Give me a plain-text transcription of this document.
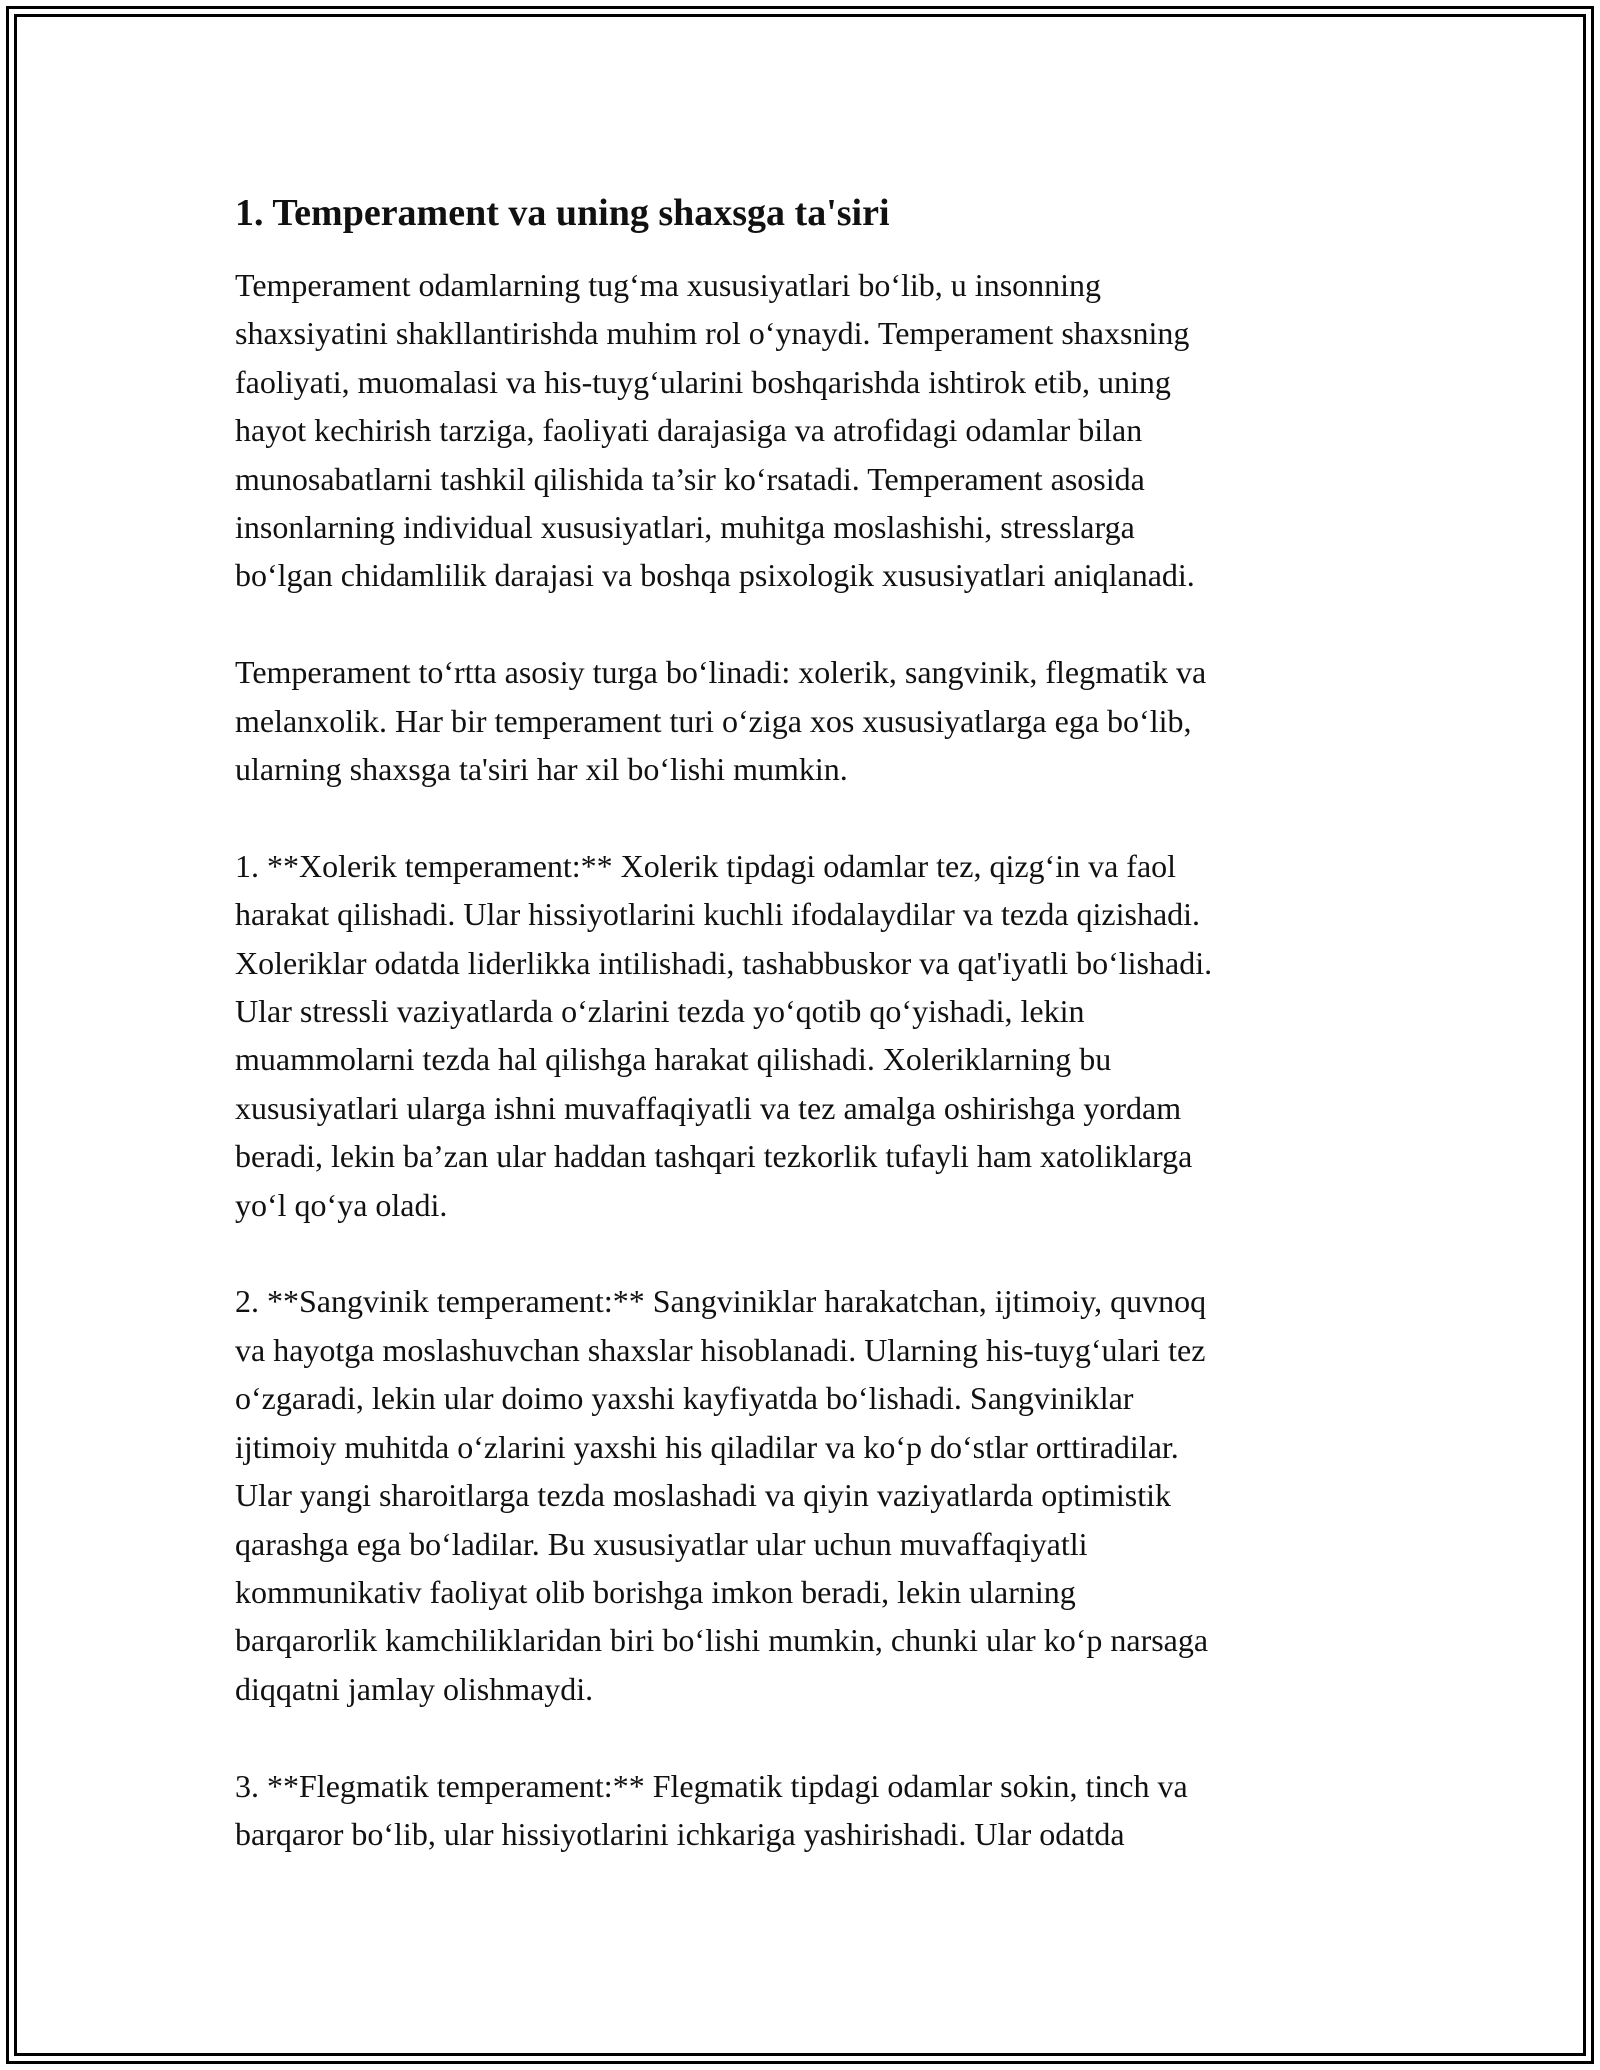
1. Temperament va uning shaxsga ta'siri
Temperament odamlarning tug‘ma xususiyatlari bo‘lib, u insonning
shaxsiyatini shakllantirishda muhim rol o‘ynaydi. Temperament shaxsning
faoliyati, muomalasi va his-tuyg‘ularini boshqarishda ishtirok etib, uning
hayot kechirish tarziga, faoliyati darajasiga va atrofidagi odamlar bilan
munosabatlarni tashkil qilishida ta’sir ko‘rsatadi. Temperament asosida
insonlarning individual xususiyatlari, muhitga moslashishi, stresslarga
bo‘lgan chidamlilik darajasi va boshqa psixologik xususiyatlari aniqlanadi.
Temperament to‘rtta asosiy turga bo‘linadi: xolerik, sangvinik, flegmatik va
melanxolik. Har bir temperament turi o‘ziga xos xususiyatlarga ega bo‘lib,
ularning shaxsga ta'siri har xil bo‘lishi mumkin.
1. **Xolerik temperament:** Xolerik tipdagi odamlar tez, qizg‘in va faol
harakat qilishadi. Ular hissiyotlarini kuchli ifodalaydilar va tezda qizishadi.
Xoleriklar odatda liderlikka intilishadi, tashabbuskor va qat'iyatli bo‘lishadi.
Ular stressli vaziyatlarda o‘zlarini tezda yo‘qotib qo‘yishadi, lekin
muammolarni tezda hal qilishga harakat qilishadi. Xoleriklarning bu
xususiyatlari ularga ishni muvaffaqiyatli va tez amalga oshirishga yordam
beradi, lekin ba’zan ular haddan tashqari tezkorlik tufayli ham xatoliklarga
yo‘l qo‘ya oladi.
2. **Sangvinik temperament:** Sangviniklar harakatchan, ijtimoiy, quvnoq
va hayotga moslashuvchan shaxslar hisoblanadi. Ularning his-tuyg‘ulari tez
o‘zgaradi, lekin ular doimo yaxshi kayfiyatda bo‘lishadi. Sangviniklar
ijtimoiy muhitda o‘zlarini yaxshi his qiladilar va ko‘p do‘stlar orttiradilar.
Ular yangi sharoitlarga tezda moslashadi va qiyin vaziyatlarda optimistik
qarashga ega bo‘ladilar. Bu xususiyatlar ular uchun muvaffaqiyatli
kommunikativ faoliyat olib borishga imkon beradi, lekin ularning
barqarorlik kamchiliklaridan biri bo‘lishi mumkin, chunki ular ko‘p narsaga
diqqatni jamlay olishmaydi.
3. **Flegmatik temperament:** Flegmatik tipdagi odamlar sokin, tinch va
barqaror bo‘lib, ular hissiyotlarini ichkariga yashirishadi. Ular odatda
